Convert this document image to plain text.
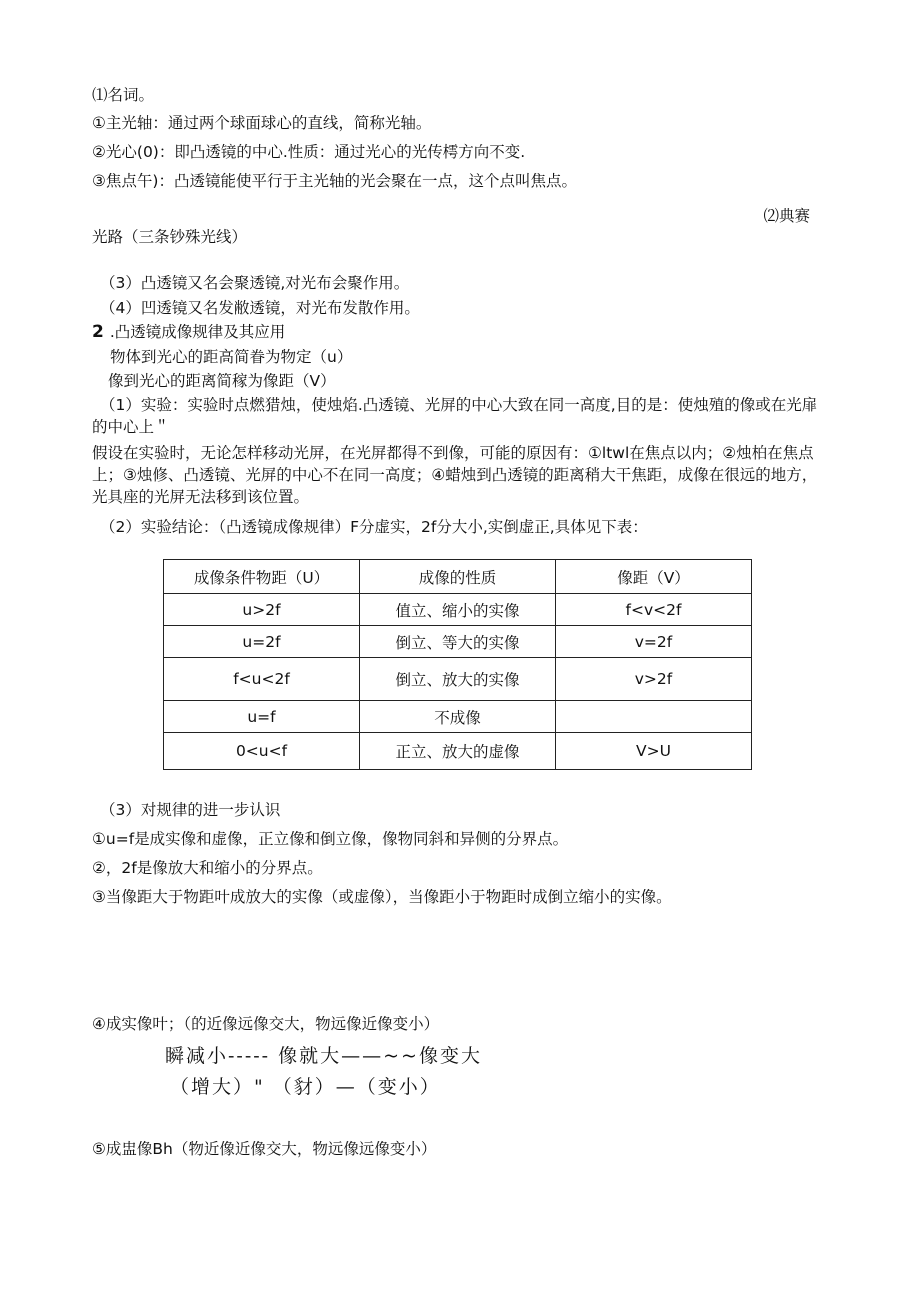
⑴名词。
①主光轴：通过两个球面球心的直线，简称光轴。
②光心(0)：即凸透镜的中心.性质：通过光心的光传樗方向不变.
③焦点午)：凸透镜能使平行于主光轴的光会聚在一点，这个点叫焦点。
⑵典赛
光路（三条钞殊光线）
（3）凸透镜又名会聚透镜,对光布会聚作用。
（4）凹透镜又名发敝透镜，对光布发散作用。
2 .凸透镜成像规律及其应用
物体到光心的距高简眷为物定（u）
像到光心的距离简稼为像距（V）
（1）实验：实验时点燃猎烛，使烛焰.凸透镜、光屏的中心大致在同一高度,目的是：使烛殖的像或在光扉的中心上＂
假设在实验时，无论怎样移动光屏，在光屏都得不到像，可能的原因有：①ltwl在焦点以内；②烛柏在焦点上；③烛修、凸透镜、光屏的中心不在同一高度；④蜡烛到凸透镜的距离稍大干焦距，成像在很远的地方，光具座的光屏无法移到该位置。
（2）实验结论：（凸透镜成像规律）F分虚实，2f分大小,实倒虚正,具体见下表：
成像条件物距（U）	成像的性质	像距（V）
u>2f	值立、缩小的实像	f<v<2f
u=2f	倒立、等大的实像	v=2f
f<u<2f	倒立、放大的实像	v>2f
u=f	不成像	
0<u<f	正立、放大的虚像	V>U
（3）对规律的进一步认识
①u=f是成实像和虚像，正立像和倒立像，像物同斜和异侧的分界点。
②，2f是像放大和缩小的分界点。
③当像距大于物距叶成放大的实像（或虚像），当像距小于物距时成倒立缩小的实像。
④成实像叶；（的近像远像交大，物远像近像变小）
瞬减小----- 像就大——~~像变大
（增大）" （豺）—（变小）
⑤成盅像Bh（物近像近像交大，物远像远像变小）
